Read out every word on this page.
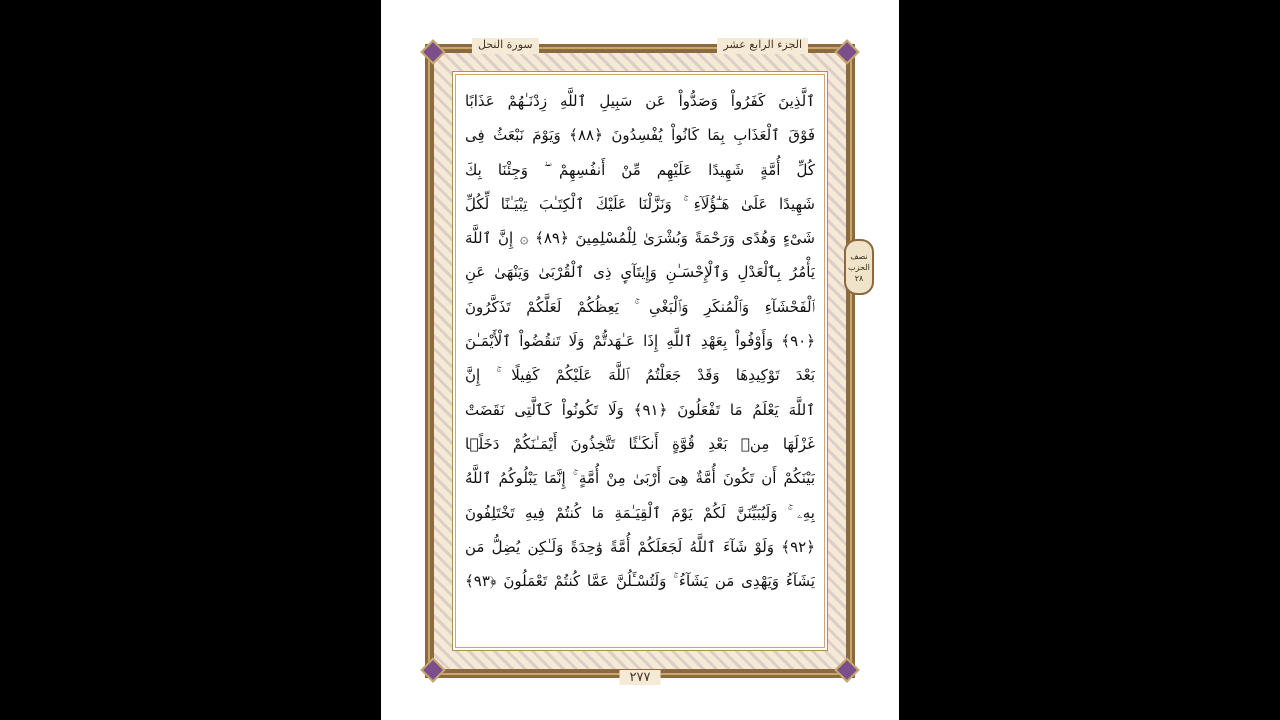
الجزء الرابع عشر
سورة النحل
نصف
الحزب
٢٨
ٱلَّذِينَ كَفَرُواْ وَصَدُّواْ عَن سَبِيلِ ٱللَّهِ زِدْنَـٰهُمْ عَذَابًا
فَوْقَ ٱلْعَذَابِ بِمَا كَانُواْ يُفْسِدُونَ ﴿٨٨﴾ وَيَوْمَ نَبْعَثُ فِى
كُلِّ أُمَّةٍ شَهِيدًا عَلَيْهِم مِّنْ أَنفُسِهِمْ ۖ وَجِئْنَا بِكَ
شَهِيدًا عَلَىٰ هَـٰٓؤُلَآءِ ۚ وَنَزَّلْنَا عَلَيْكَ ٱلْكِتَـٰبَ تِبْيَـٰنًا لِّكُلِّ
شَىْءٍ وَهُدًى وَرَحْمَةً وَبُشْرَىٰ لِلْمُسْلِمِينَ ﴿٨٩﴾ ۞ إِنَّ ٱللَّهَ
يَأْمُرُ بِٱلْعَدْلِ وَٱلْإِحْسَـٰنِ وَإِيتَآىِٕ ذِى ٱلْقُرْبَىٰ وَيَنْهَىٰ عَنِ
ٱلْفَحْشَآءِ وَٱلْمُنكَرِ وَٱلْبَغْىِ ۚ يَعِظُكُمْ لَعَلَّكُمْ تَذَكَّرُونَ
﴿٩٠﴾ وَأَوْفُواْ بِعَهْدِ ٱللَّهِ إِذَا عَـٰهَدتُّمْ وَلَا تَنقُضُواْ ٱلْأَيْمَـٰنَ
بَعْدَ تَوْكِيدِهَا وَقَدْ جَعَلْتُمُ ٱللَّهَ عَلَيْكُمْ كَفِيلًا ۚ إِنَّ
ٱللَّهَ يَعْلَمُ مَا تَفْعَلُونَ ﴿٩١﴾ وَلَا تَكُونُواْ كَٱلَّتِى نَقَضَتْ
غَزْلَهَا مِنۢ بَعْدِ قُوَّةٍ أَنكَـٰثًا تَتَّخِذُونَ أَيْمَـٰنَكُمْ دَخَلًۢا
بَيْنَكُمْ أَن تَكُونَ أُمَّةٌ هِىَ أَرْبَىٰ مِنْ أُمَّةٍ ۚ إِنَّمَا يَبْلُوكُمُ ٱللَّهُ
بِهِۦ ۚ وَلَيُبَيِّنَنَّ لَكُمْ يَوْمَ ٱلْقِيَـٰمَةِ مَا كُنتُمْ فِيهِ تَخْتَلِفُونَ
﴿٩٢﴾ وَلَوْ شَآءَ ٱللَّهُ لَجَعَلَكُمْ أُمَّةً وَٰحِدَةً وَلَـٰكِن يُضِلُّ مَن
يَشَآءُ وَيَهْدِى مَن يَشَآءُ ۚ وَلَتُسْـَٔلُنَّ عَمَّا كُنتُمْ تَعْمَلُونَ ﴿٩٣﴾
٢٧٧
